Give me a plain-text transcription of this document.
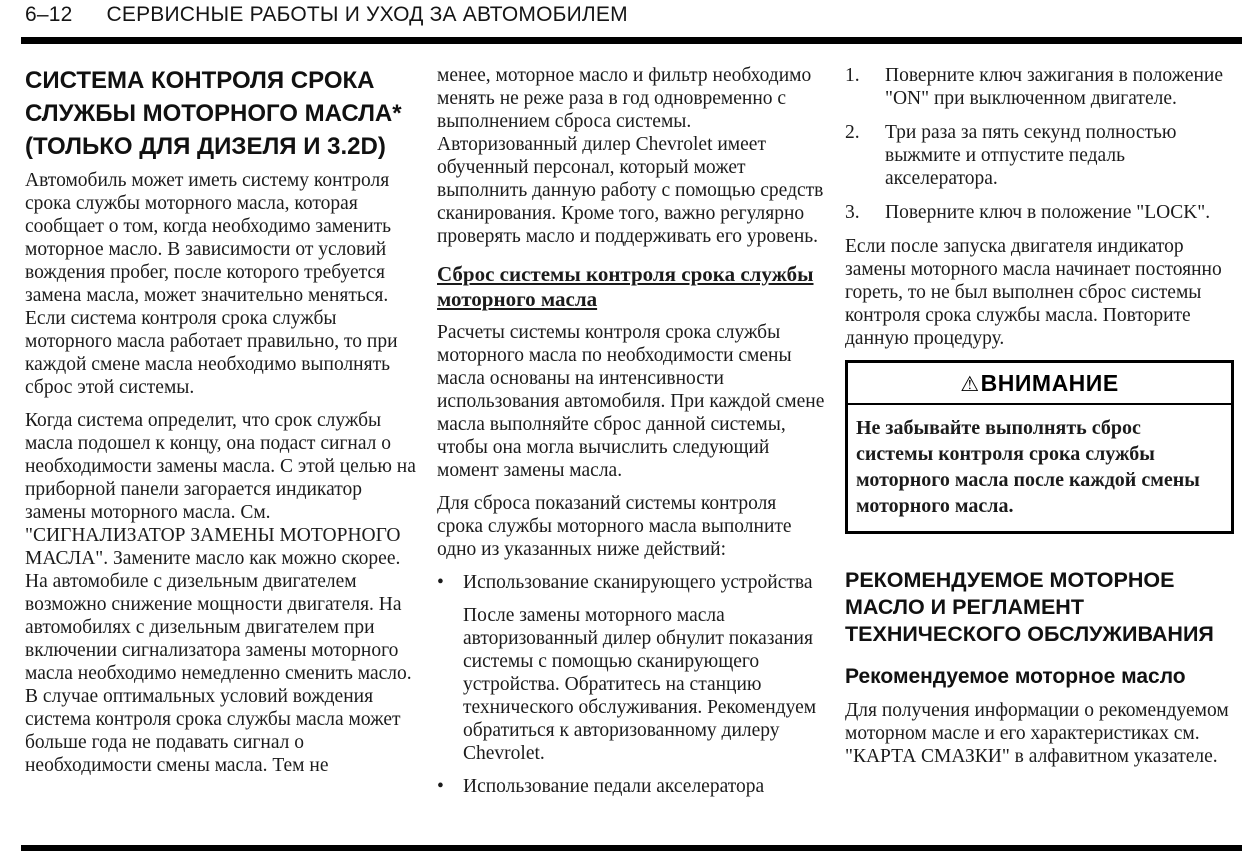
6–12 СЕРВИСНЫЕ РАБОТЫ И УХОД ЗА АВТОМОБИЛЕМ
СИСТЕМА КОНТРОЛЯ СРОКА СЛУЖБЫ МОТОРНОГО МАСЛА* (ТОЛЬКО ДЛЯ ДИЗЕЛЯ И 3.2D)

Автомобиль может иметь систему контроля срока службы моторного масла, которая сообщает о том, когда необходимо заменить моторное масло. В зависимости от условий вождения пробег, после которого требуется замена масла, может значительно меняться. Если система контроля срока службы моторного масла работает правильно, то при каждой смене масла необходимо выполнять сброс этой системы.

Когда система определит, что срок службы масла подошел к концу, она подаст сигнал о необходимости замены масла. С этой целью на приборной панели загорается индикатор замены моторного масла. См. "СИГНАЛИЗАТОР ЗАМЕНЫ МОТОРНОГО МАСЛА". Замените масло как можно скорее. На автомобиле с дизельным двигателем возможно снижение мощности двигателя. На автомобилях с дизельным двигателем при включении сигнализатора замены моторного масла необходимо немедленно сменить масло. В случае оптимальных условий вождения система контроля срока службы масла может больше года не подавать сигнал о необходимости смены масла. Тем не

менее, моторное масло и фильтр необходимо менять не реже раза в год одновременно с выполнением сброса системы. Авторизованный дилер Chevrolet имеет обученный персонал, который может выполнить данную работу с помощью средств сканирования. Кроме того, важно регулярно проверять масло и поддерживать его уровень.

Сброс системы контроля срока службы моторного масла

Расчеты системы контроля срока службы моторного масла по необходимости смены масла основаны на интенсивности использования автомобиля. При каждой смене масла выполняйте сброс данной системы, чтобы она могла вычислить следующий момент замены масла.

Для сброса показаний системы контроля срока службы моторного масла выполните одно из указанных ниже действий:

• Использование сканирующего устройства
После замены моторного масла авторизованный дилер обнулит показания системы с помощью сканирующего устройства. Обратитесь на станцию технического обслуживания. Рекомендуем обратиться к авторизованному дилеру Chevrolet.
• Использование педали акселератора
1.	Поверните ключ зажигания в положение "ON" при выключенном двигателе.
2.	Три раза за пять секунд полностью выжмите и отпустите педаль акселератора.
3.	Поверните ключ в положение "LOCK".

Если после запуска двигателя индикатор замены моторного масла начинает постоянно гореть, то не был выполнен сброс системы контроля срока службы масла. Повторите данную процедуру.

⚠ВНИМАНИЕ
Не забывайте выполнять сброс системы контроля срока службы моторного масла после каждой смены моторного масла.
РЕКОМЕНДУЕМОЕ МОТОРНОЕ МАСЛО И РЕГЛАМЕНТ ТЕХНИЧЕСКОГО ОБСЛУЖИВАНИЯ
Рекомендуемое моторное масло

Для получения информации о рекомендуемом моторном масле и его характеристиках см. "КАРТА СМАЗКИ" в алфавитном указателе.
